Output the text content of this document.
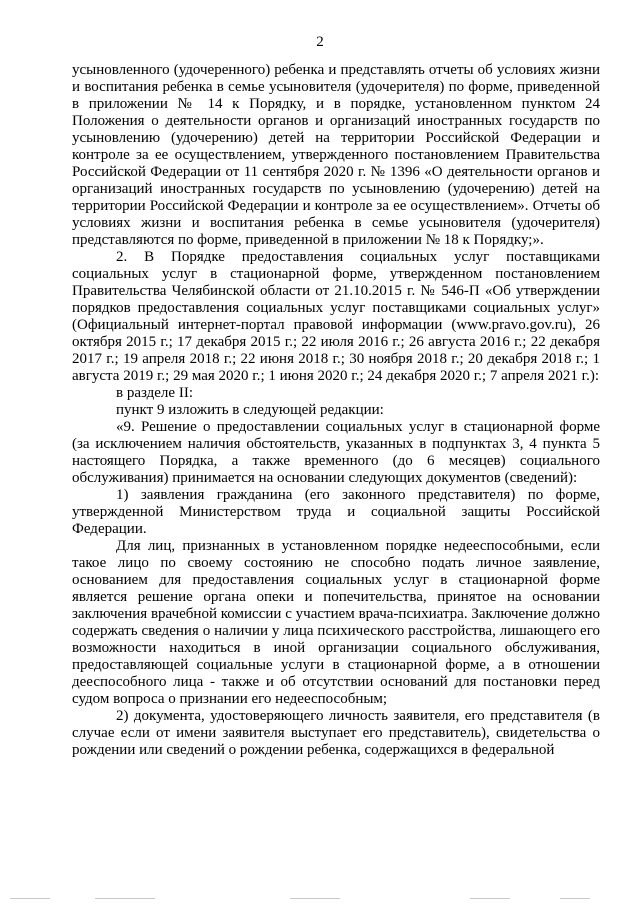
2

усыновленного (удочеренного) ребенка и представлять отчеты об условиях жизни и воспитания ребенка в семье усыновителя (удочерителя) по форме, приведенной в приложении № 14 к Порядку, и в порядке, установленном пунктом 24 Положения о деятельности органов и организаций иностранных государств по усыновлению (удочерению) детей на территории Российской Федерации и контроле за ее осуществлением, утвержденного постановлением Правительства Российской Федерации от 11 сентября 2020 г. № 1396 «О деятельности органов и организаций иностранных государств по усыновлению (удочерению) детей на территории Российской Федерации и контроле за ее осуществлением». Отчеты об условиях жизни и воспитания ребенка в семье усыновителя (удочерителя) представляются по форме, приведенной в приложении № 18 к Порядку;».

2. В Порядке предоставления социальных услуг поставщиками социальных услуг в стационарной форме, утвержденном постановлением Правительства Челябинской области от 21.10.2015 г. № 546-П «Об утверждении порядков предоставления социальных услуг поставщиками социальных услуг» (Официальный интернет-портал правовой информации (www.pravo.gov.ru), 26 октября 2015 г.; 17 декабря 2015 г.; 22 июля 2016 г.; 26 августа 2016 г.; 22 декабря 2017 г.; 19 апреля 2018 г.; 22 июня 2018 г.; 30 ноября 2018 г.; 20 декабря 2018 г.; 1 августа 2019 г.; 29 мая 2020 г.; 1 июня 2020 г.; 24 декабря 2020 г.; 7 апреля 2021 г.):

в разделе II:

пункт 9 изложить в следующей редакции:

«9. Решение о предоставлении социальных услуг в стационарной форме (за исключением наличия обстоятельств, указанных в подпунктах 3, 4 пункта 5 настоящего Порядка, а также временного (до 6 месяцев) социального обслуживания) принимается на основании следующих документов (сведений):

1) заявления гражданина (его законного представителя) по форме, утвержденной Министерством труда и социальной защиты Российской Федерации.

Для лиц, признанных в установленном порядке недееспособными, если такое лицо по своему состоянию не способно подать личное заявление, основанием для предоставления социальных услуг в стационарной форме является решение органа опеки и попечительства, принятое на основании заключения врачебной комиссии с участием врача-психиатра. Заключение должно содержать сведения о наличии у лица психического расстройства, лишающего его возможности находиться в иной организации социального обслуживания, предоставляющей социальные услуги в стационарной форме, а в отношении дееспособного лица - также и об отсутствии оснований для постановки перед судом вопроса о признании его недееспособным;

2) документа, удостоверяющего личность заявителя, его представителя (в случае если от имени заявителя выступает его представитель), свидетельства о рождении или сведений о рождении ребенка, содержащихся в федеральной
